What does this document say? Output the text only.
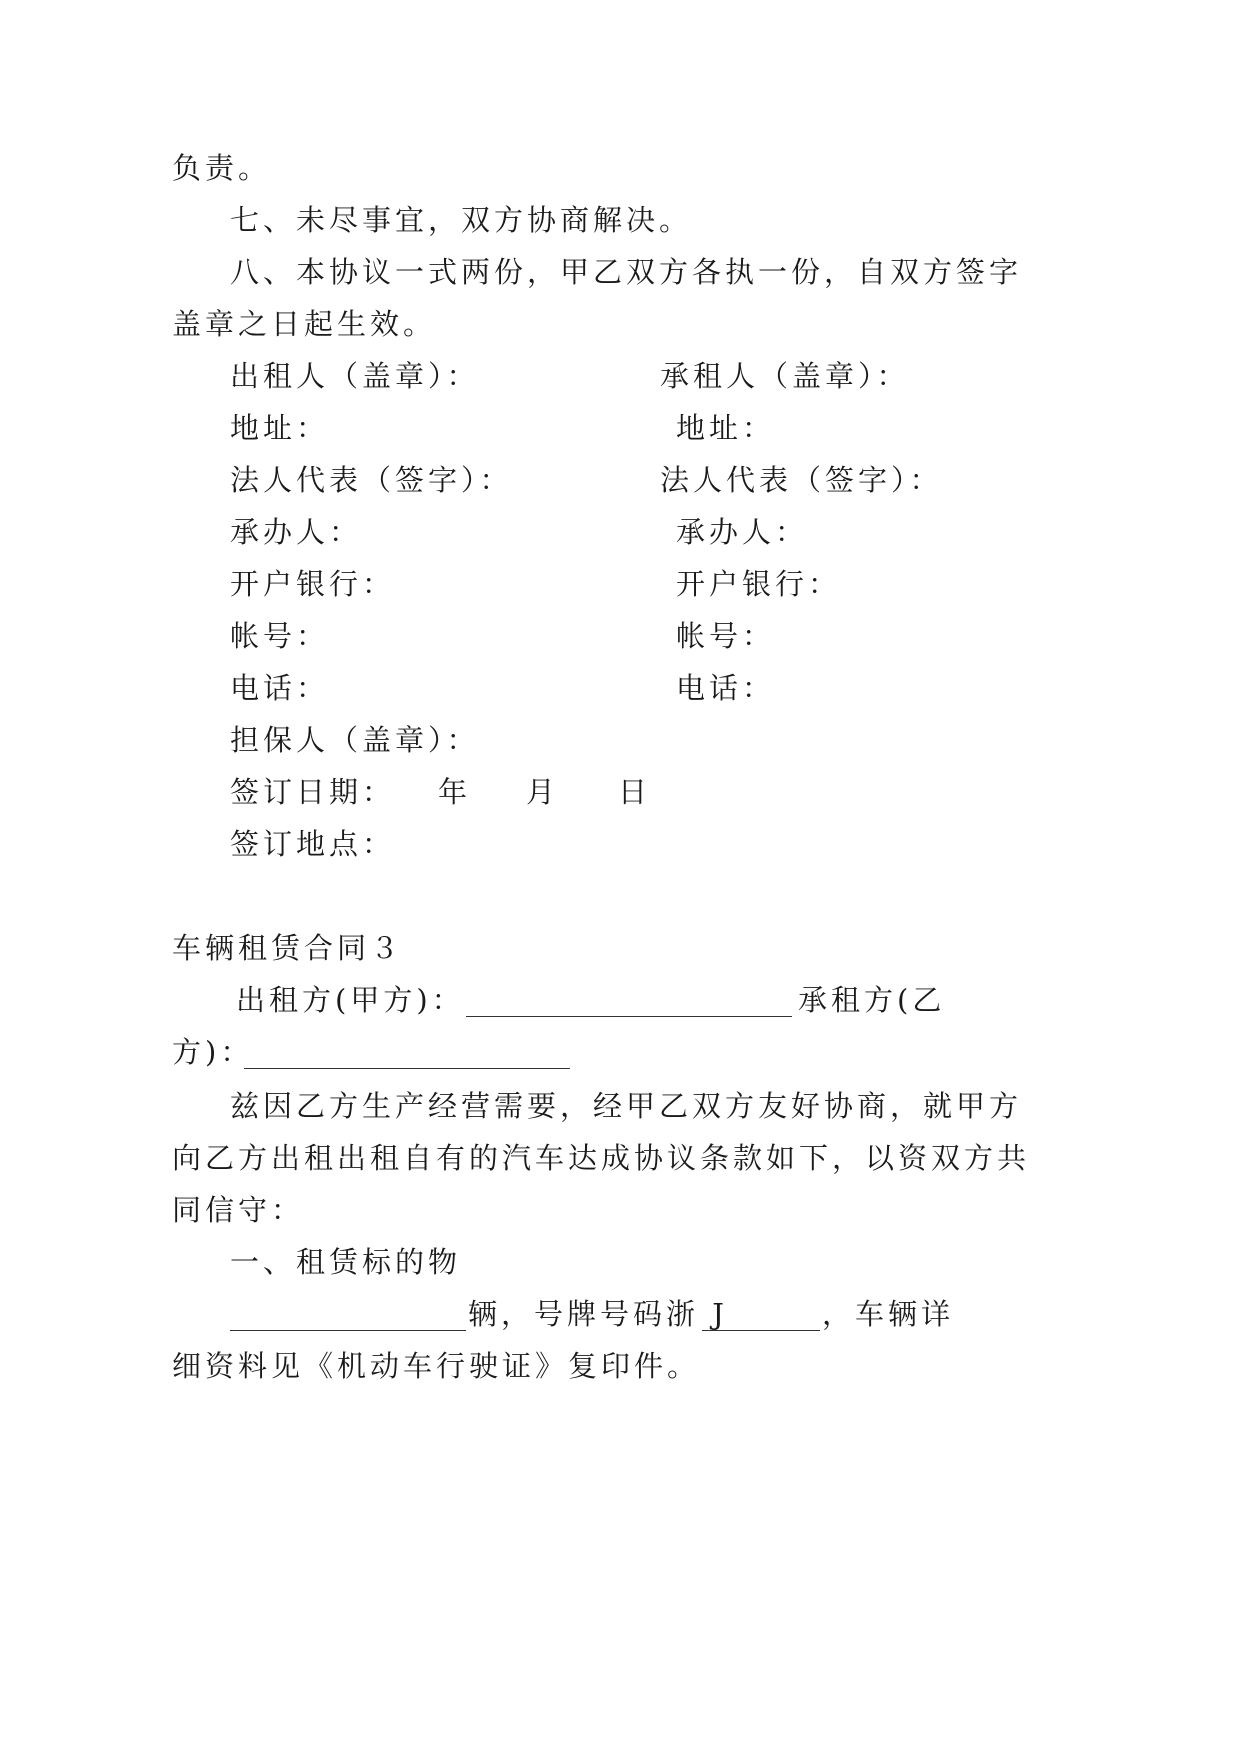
负责。
七、未尽事宜，双方协商解决。
八、本协议一式两份，甲乙双方各执一份，自双方签字
盖章之日起生效。
出租人（盖章）：	承租人（盖章）：
地址：	地址：
法人代表（签字）：	法人代表（签字）：
承办人：	承办人：
开户银行：	开户银行：
帐号：	帐号：
电话：	电话：
担保人（盖章）：
签订日期： 年 月 日
签订地点：
车辆租赁合同３
出租方(甲方)：	承租方(乙
方)：
兹因乙方生产经营需要，经甲乙双方友好协商，就甲方
向乙方出租出租自有的汽车达成协议条款如下，以资双方共
同信守：
一、租赁标的物
辆，号牌号码浙 J	，车辆详
细资料见《机动车行驶证》复印件。
